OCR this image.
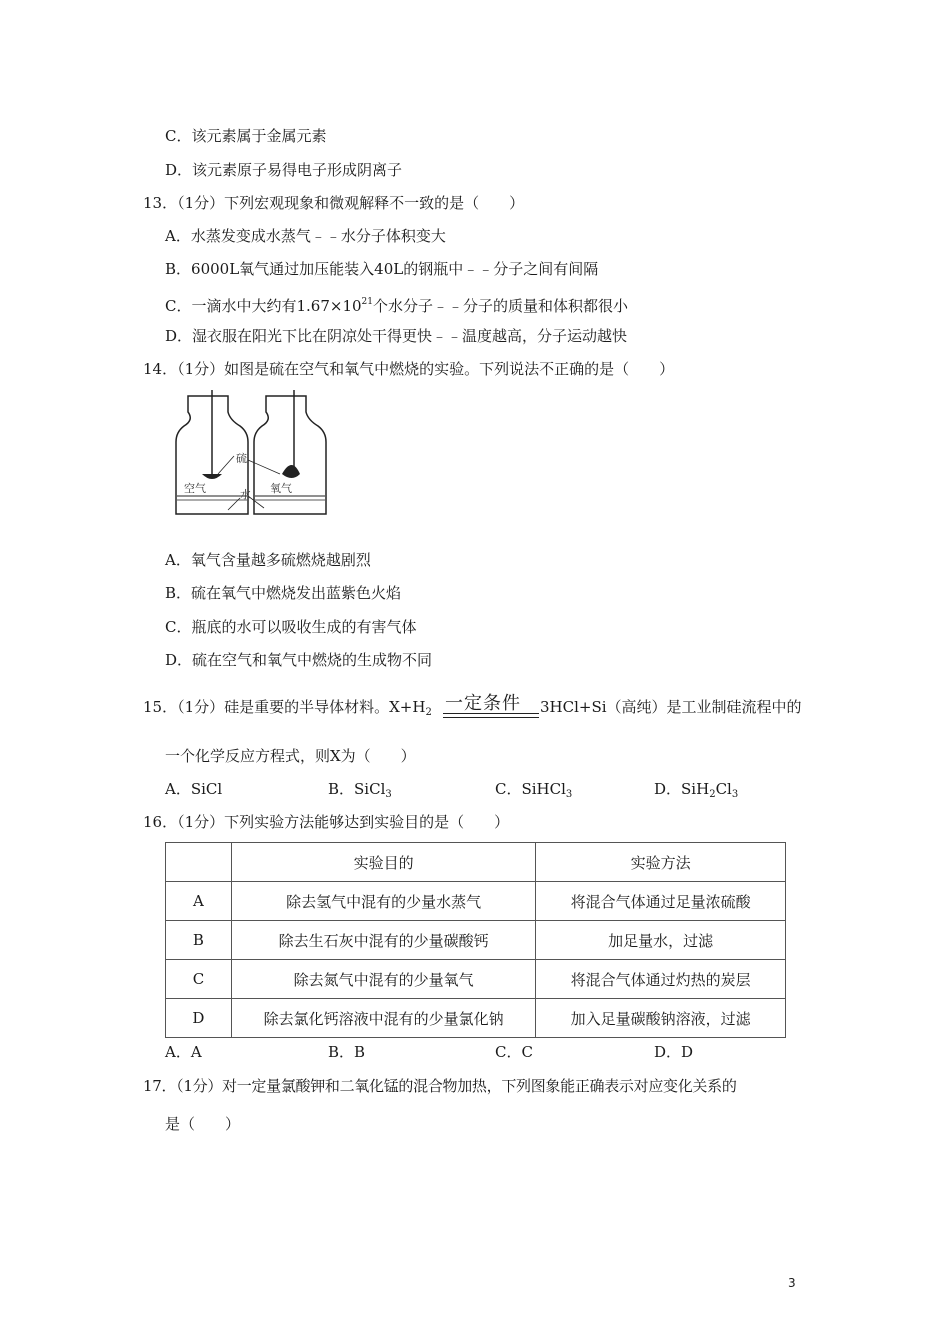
C．该元素属于金属元素
D．该元素原子易得电子形成阴离子
13．（1分）下列宏观现象和微观解释不一致的是（　　）
A．水蒸发变成水蒸气﹣﹣水分子体积变大
B．6000L氧气通过加压能装入40L的钢瓶中﹣﹣分子之间有间隔
C．一滴水中大约有$1.67\times 10^{21}$个水分子﹣﹣分子的质量和体积都很小
D．湿衣服在阳光下比在阴凉处干得更快﹣﹣温度越高，分子运动越快
14．（1分）如图是硫在空气和氧气中燃烧的实验。下列说法不正确的是（　　）
硫
空气	氧气
水
A．氧气含量越多硫燃烧越剧烈
B．硫在氧气中燃烧发出蓝紫色火焰
C．瓶底的水可以吸收生成的有害气体
D．硫在空气和氧气中燃烧的生成物不同
15．（1分）硅是重要的半导体材料。$X+H_2$ 一定条件 3HCl+Si（高纯）是工业制硅流程中的
一个化学反应方程式，则X为（　　）
A．SiCl	B．SiCl$_3$	C．SiHCl$_3$	D．$SiH_2Cl_3$
16．（1分）下列实验方法能够达到实验目的是（　　）
	实验目的	实验方法
A	除去氢气中混有的少量水蒸气	将混合气体通过足量浓硫酸
B	除去生石灰中混有的少量碳酸钙	加足量水，过滤
C	除去氮气中混有的少量氧气	将混合气体通过灼热的炭层
D	除去氯化钙溶液中混有的少量氯化钠	加入足量碳酸钠溶液，过滤
A．A	B．B	C．C	D．D
17．（1分）对一定量氯酸钾和二氧化锰的混合物加热，下列图象能正确表示对应变化关系的
是（　　）
3
